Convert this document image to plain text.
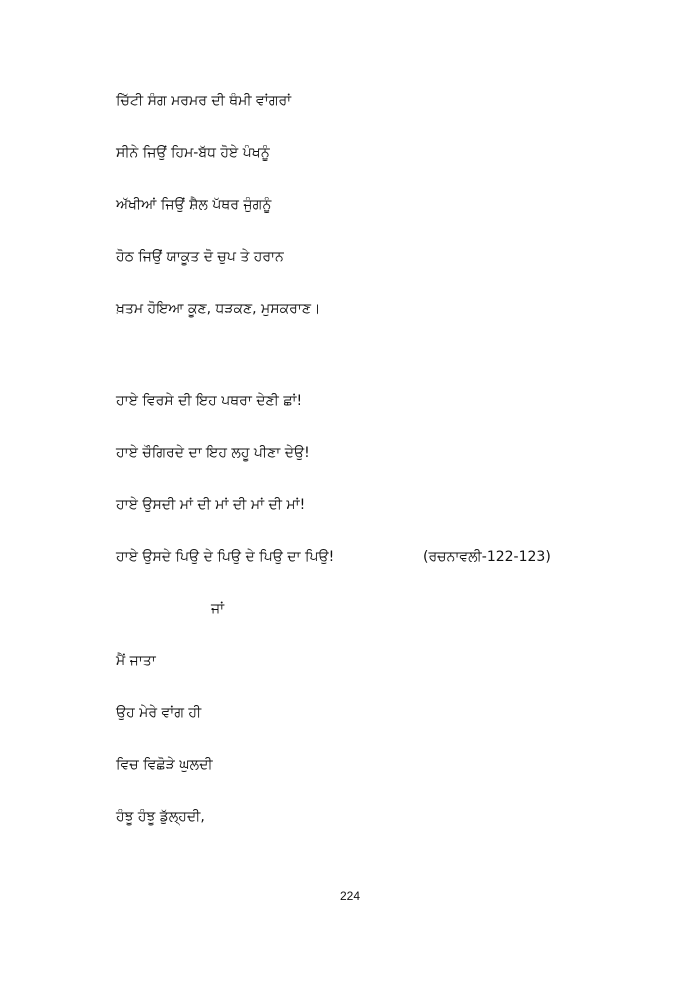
ਚਿੱਟੀ ਸੰਗ ਮਰਮਰ ਦੀ ਥੰਮੀ ਵਾਂਗਰਾਂ
ਸੀਨੇ ਜਿਉਂ ਹਿਮ-ਬੱਧ ਹੋਏ ਪੰਖਨੂੰ
ਅੱਖੀਆਂ ਜਿਉਂ ਸ਼ੈਲ ਪੱਥਰ ਜੁੰਗਨੂੰ
ਹੋਠ ਜਿਉਂ ਯਾਕੂਤ ਦੋ ਚੁਪ ਤੇ ਹਰਾਨ
ਖ਼ਤਮ ਹੋਇਆ ਕੂਣ, ਧੜਕਣ, ਮੁਸਕਰਾਣ।
ਹਾਏ ਵਿਰਸੇ ਦੀ ਇਹ ਪਥਰਾ ਦੇਣੀ ਛਾਂ!
ਹਾਏ ਚੌਗਿਰਦੇ ਦਾ ਇਹ ਲਹੂ ਪੀਣਾ ਦੇਉ!
ਹਾਏ ਉਸਦੀ ਮਾਂ ਦੀ ਮਾਂ ਦੀ ਮਾਂ ਦੀ ਮਾਂ!
ਹਾਏ ਉਸਦੇ ਪਿਉ ਦੇ ਪਿਉ ਦੇ ਪਿਉ ਦਾ ਪਿਉ!	(ਰਚਨਾਵਲੀ-122-123)
ਜਾਂ
ਮੈਂ ਜਾਤਾ
ਉਹ ਮੇਰੇ ਵਾਂਗ ਹੀ
ਵਿਚ ਵਿਛੋੜੇ ਘੁਲਦੀ
ਹੰਝੂ ਹੰਝੂ ਡੁੱਲ੍ਹਦੀ,
224
